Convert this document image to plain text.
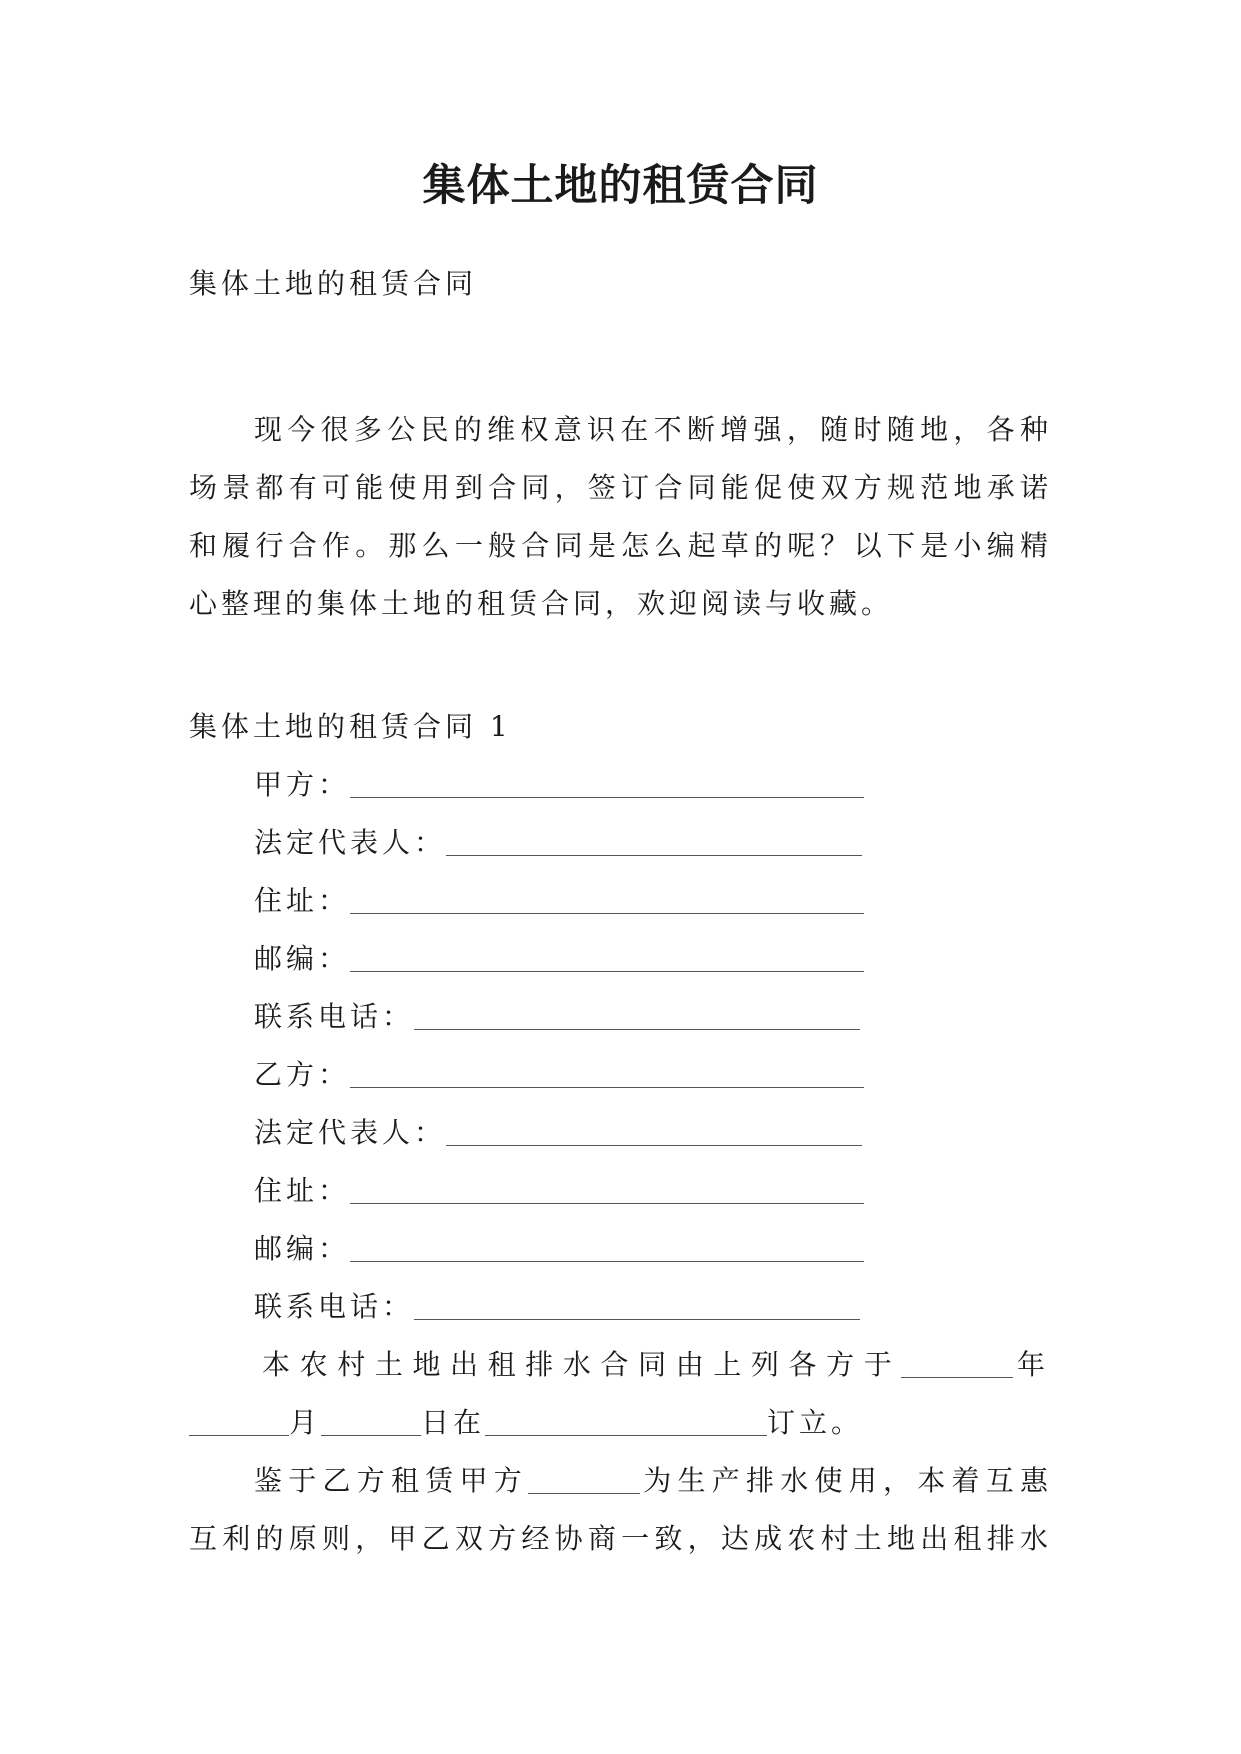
集体土地的租赁合同
集体土地的租赁合同
现今很多公民的维权意识在不断增强，随时随地，各种
场景都有可能使用到合同，签订合同能促使双方规范地承诺
和履行合作。那么一般合同是怎么起草的呢？以下是小编精
心整理的集体土地的租赁合同，欢迎阅读与收藏。
集体土地的租赁合同 1
甲方：
法定代表人：
住址：
邮编：
联系电话：
乙方：
法定代表人：
住址：
邮编：
联系电话：
本农村土地出租排水合同由上列各方于	年
月	日在	订立。
鉴于乙方租赁甲方	为生产排水使用，本着互惠
互利的原则，甲乙双方经协商一致，达成农村土地出租排水
